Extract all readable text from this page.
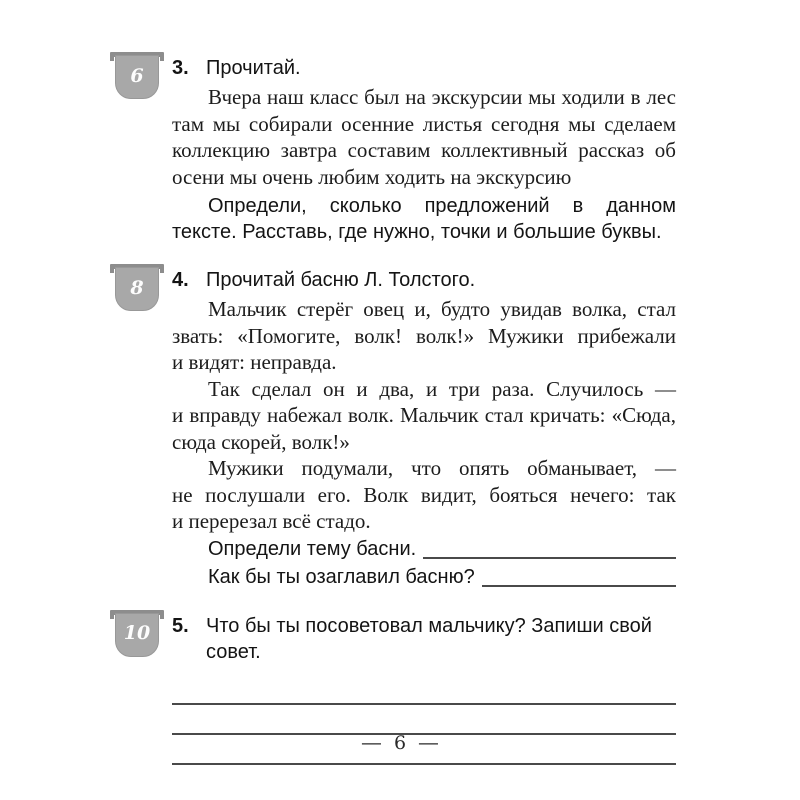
6 3. Прочитай.

Вчера наш класс был на экскурсии мы ходили в лес там мы собирали осенние листья сегодня мы сделаем коллекцию завтра составим коллективный рассказ об осени мы очень любим ходить на экскурсию

Определи, сколько предложений в данном тексте. Расставь, где нужно, точки и большие буквы.

8 4. Прочитай басню Л. Толстого.

Мальчик стерёг овец и, будто увидав волка, стал звать: «Помогите, волк! волк!» Мужики прибежали и видят: неправда.

Так сделал он и два, и три раза. Случилось — и вправду набежал волк. Мальчик стал кричать: «Сюда, сюда скорей, волк!»

Мужики подумали, что опять обманывает, — не послушали его. Волк видит, бояться нечего: так и перерезал всё стадо.

Определи тему басни.
Как бы ты озаглавил басню?
10 5. Что бы ты посоветовал мальчику? Запиши свой совет.
— 6 —
